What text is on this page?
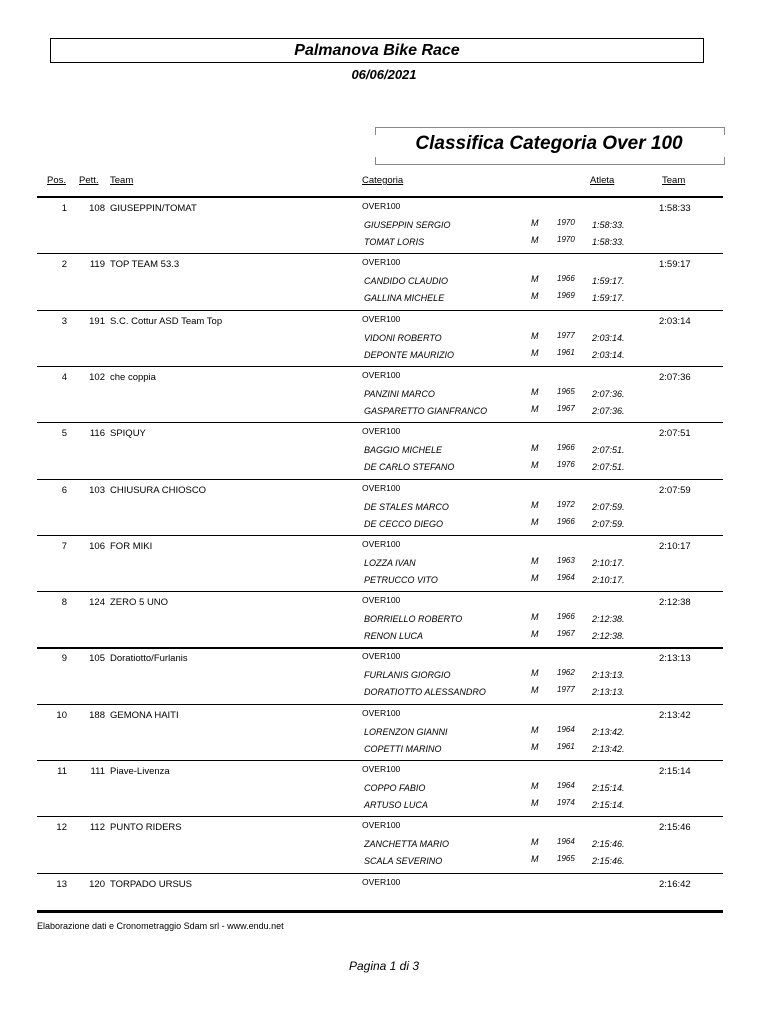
Palmanova Bike Race
06/06/2021
Classifica Categoria Over 100
Pos. Pett. Team	Categoria	Atleta	Team
1	108 GIUSEPPIN/TOMAT	OVER100	1:58:33
GIUSEPPIN SERGIO	M 1970 1:58:33.
TOMAT LORIS	M 1970 1:58:33.
2	119 TOP TEAM 53.3	OVER100	1:59:17
CANDIDO CLAUDIO	M 1966 1:59:17.
GALLINA MICHELE	M 1969 1:59:17.
3	191 S.C. Cottur ASD Team Top	OVER100	2:03:14
VIDONI ROBERTO	M 1977 2:03:14.
DEPONTE MAURIZIO	M 1961 2:03:14.
4	102 che coppia	OVER100	2:07:36
PANZINI MARCO	M 1965 2:07:36.
GASPARETTO GIANFRANCO	M 1967 2:07:36.
5	116 SPIQUY	OVER100	2:07:51
BAGGIO MICHELE	M 1966 2:07:51.
DE CARLO STEFANO	M 1976 2:07:51.
6	103 CHIUSURA CHIOSCO	OVER100	2:07:59
DE STALES MARCO	M 1972 2:07:59.
DE CECCO DIEGO	M 1966 2:07:59.
7	106 FOR MIKI	OVER100	2:10:17
LOZZA IVAN	M 1963 2:10:17.
PETRUCCO VITO	M 1964 2:10:17.
8	124 ZERO 5 UNO	OVER100	2:12:38
BORRIELLO ROBERTO	M 1966 2:12:38.
RENON LUCA	M 1967 2:12:38.
9	105 Doratiotto/Furlanis	OVER100	2:13:13
FURLANIS GIORGIO	M 1962 2:13:13.
DORATIOTTO ALESSANDRO	M 1977 2:13:13.
10	188 GEMONA HAITI	OVER100	2:13:42
LORENZON GIANNI	M 1964 2:13:42.
COPETTI MARINO	M 1961 2:13:42.
11	111 Piave-Livenza	OVER100	2:15:14
COPPO FABIO	M 1964 2:15:14.
ARTUSO LUCA	M 1974 2:15:14.
12	112 PUNTO RIDERS	OVER100	2:15:46
ZANCHETTA MARIO	M 1964 2:15:46.
SCALA SEVERINO	M 1965 2:15:46.
13	120 TORPADO URSUS	OVER100	2:16:42
Elaborazione dati e Cronometraggio Sdam srl - www.endu.net
Pagina 1 di 3
